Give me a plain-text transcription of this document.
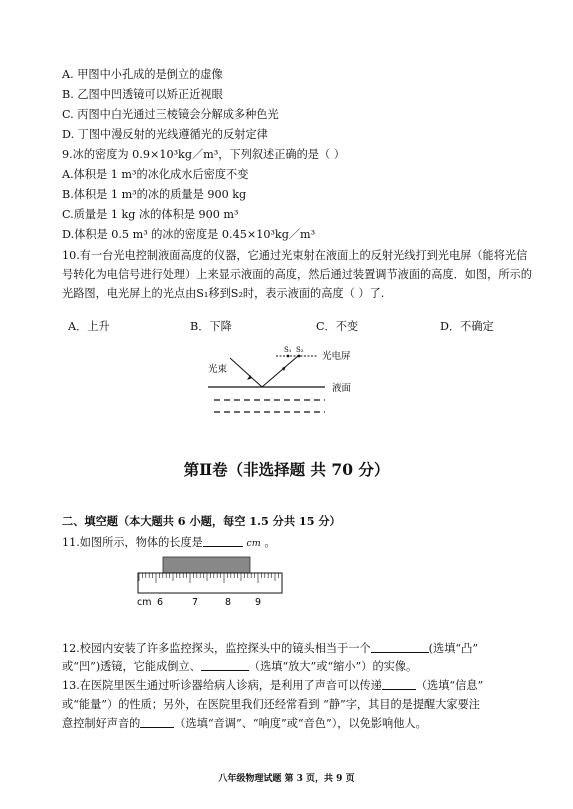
A. 甲图中小孔成的是倒立的虚像
B. 乙图中凹透镜可以矫正近视眼
C. 丙图中白光通过三棱镜会分解成多种色光
D. 丁图中漫反射的光线遵循光的反射定律
9.冰的密度为 0.9×10³kg／m³，下列叙述正确的是（ ）
A.体积是 1 m³的冰化成水后密度不变
B.体积是 1 m³的冰的质量是 900 kg
C.质量是 1 kg 冰的体积是 900 m³
D.体积是 0.5 m³ 的冰的密度是 0.45×10³kg／m³
10.有一台光电控制液面高度的仪器，它通过光束射在液面上的反射光线打到光电屏（能将光信号转化为电信号进行处理）上来显示液面的高度，然后通过装置调节液面的高度．如图，所示的光路图，电光屏上的光点由S₁移到S₂时，表示液面的高度（ ）了.
A．上升	B．下降	C．不变	D．不确定
光束
S₁ S₂
光电屏
液面
第Ⅱ卷（非选择题 共 70 分）
二、填空题（本大题共 6 小题，每空 1.5 分共 15 分）
11.如图所示，物体的长度是	cm 。
cm 6	7	8	9
12.校园内安装了许多监控探头，监控探头中的镜头相当于一个	(选填“凸”
或“凹”)透镜，它能成倒立、	（选填“放大”或“缩小”）的实像。
13.在医院里医生通过听诊器给病人诊病，是利用了声音可以传递	（选填“信息”
或“能量”）的性质；另外，在医院里我们还经常看到 “静”字，其目的是提醒大家要注
意控制好声音的	（选填“音调”、“响度”或“音色”），以免影响他人。
八年级物理试题 第 3 页，共 9 页
